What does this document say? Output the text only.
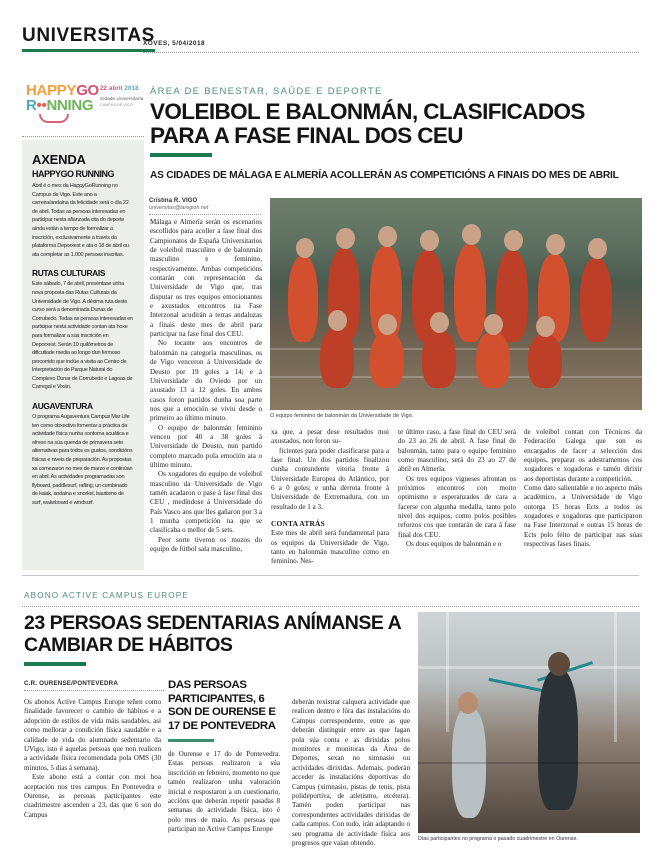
UNIVERSITAS
XOVES, 5/04/2018
HAPPYGO
R••NNING
22 abril 2018
Cidade Universitaria
CAMPUS DE VIGO
AXENDA
HAPPYGO RUNNING
Abril é o mes da HappyGoRunning no Campus de Vigo. Este ano a carreira/andaina da felicidade será o día 22 de abril. Todas as persoas interesadas en participar nesta afianzada cita do deporte aínda están a tempo de formalizar a inscrición, exclusivamente a través da plataforma Deporxest e ata o 18 de abril ou ata completar as 1.000 persoas inscritas.
RUTAS CULTURAIS
Este sábado, 7 de abril, preséntase unha nova proposta das Rutas Culturais da Universidade de Vigo. A décima ruta deste curso será a denominada Dunas de Corrubedo. Todas as persoas interesadas en participar nesta actividade contan ata hoxe para formalizar a súa inscrición en Deporxest. Serán 10 quilómetros de dificultade media ao longo dun fermoso percorrido que inclúe a visita ao Centro de Interpretación do Parque Natural do Complexo Dunar de Corrubedo e Lagoas de Carregal e Vixán.
AUGAVENTURA
O programa Augaventura Campus Mar Life ten como obxectivo fomentar a práctica da actividade física nunha contorna acuática e ofrece na súa quenda de primavera sete alternativas para todos os gustos, condicións físicas e niveis de preparación. As propostas xa comezaron no mes de marzo e continúan en abril. As actividades programadas son flyboard, paddlesurf, rafting, un combinado de kaiak, andaina e snorkel, bautismo de surf, wakeboard e windsurf.
ÁREA DE BENESTAR, SAÚDE E DEPORTE
VOLEIBOL E BALONMÁN, CLASIFICADOS PARA A FASE FINAL DOS CEU
AS CIDADES DE MÁLAGA E ALMERÍA ACOLLERÁN AS COMPETICIÓNS A FINAIS DO MES DE ABRIL
Cristina R. VIGO
universitas@laregion.net
O equipo feminino de balonmán da Universidade de Vigo.

Málaga e Almería serán os escenarios escollidos para acoller a fase final dos Campionatos de España Universitarios de voleibol masculino e de balonmán masculino e feminino, respectivamente. Ambas competicións contarán con representación da Universidade de Vigo que, tras disputar os tres equipos emocionantes e axustados encontros na Fase Interzonal acudirán a terras andaluzas a finais deste mes de abril para participar na fase final dos CEU.

No tocante aos encontros de balonmán na categoría masculinas, os de Vigo venceron á Universidade de Deusto por 19 goles a 14; e á Universidade do Oviedo por un axustado 13 a 12 goles. En ambos casos foron partidos dunha soa parte nos que a emoción se viviu desde o primeiro ao último minuto.

O equipo de balonmán feminino venceu por 40 a 38 goles á Universidade de Deusto, nun partido completo marcado pola emoción ata o último minuto.

Os xogadores do equipo de voleibol masculino da Universidade de Vigo tamén acadaron o pase á fase final dos CEU , medíndose á Universidade do País Vasco aos que lles gañaron por 3 a 1 munha competición na que se clasificaba o mellor de 5 sets.

Peor sorte tiveron os mozos do equipo de fútbol sala masculino,

xa que, a pesar dese resultados moi axustados, non foron su-

ficientes para poder clasificarse para a fase final. Un dos partidos finalizou cunha contundente vitoria fronte á Universidade Europea do Atlántico, por 6 a 0 goles; e unha derrota fronte á Universidade de Extremadura, con un resultado de 1 a 3.

CONTA ATRÁS

Este mes de abril será fundamental para os equipos da Universidade de Vigo, tanto en balonmán masculino como en feminino. Nes-

te último caso, a fase final do CEU será do 23 ao 26 de abril. A fase final de balonmán, tanto para o equipo feminino como masculino, será do 23 ao 27 de abril en Almería.

Os tres equipos vigueses afrontan os próximos encontros con moito optimismo e esperanzados de cara a facerse con algunha medalla, tanto polo nivel dos equipos, como polos posibles reforzos cos que contarán de cara á fase final dos CEU.

Os dous equipos de balonmán e o

de voleibol contan con Técnicos da Federación Galega que son os encargados de facer a selección dos equipos, preparar os adestramentos cos xogadores e xogadoras e tamén dirixir aos deportistas durante a competición.

Como dato salientable e no aspecto máis académico, a Universidade de Vigo outorga 15 horas Ects a todos os xogadores e xogadoras que participaron na Fase Interzonal e outras 15 horas de Ects polo feito de participar nas súas respectivas fases finais.

ABONO ACTIVE CAMPUS EUROPE
23 PERSOAS SEDENTARIAS ANÍMANSE A CAMBIAR DE HÁBITOS
C.R. OURENSE/PONTEVEDRA

Os abonos Active Campus Europe teñen como finalidade favorecer o cambio de hábitos e a adopción de estilos de vida máis saudables, así como mellorar a condición física saudable e a calidade de vida do alumnado sedentario da UVigo, isto é aquelas persoas que non realicen a actividade física recomendada pola OMS (30 minutos, 5 días á semana).

Este abono está a contar con moi boa aceptación nos tres campus. En Pontevedra e Ourense, as persoas participantes este cuadrimestre ascenden a 23, das que 6 son do Campus

DAS PERSOAS PARTICIPANTES, 6 SON DE OURENSE E 17 DE PONTEVEDRA

de Ourense e 17 do de Pontevedra. Estas persoas realizaron a súa inscrición en febreiro, momento no que tamén realizaron unha valoración inicial e respostaron a un cuestionario, accións que deberán repetir pasadas 8 semanas de actividade física, isto é polo mes de maio. As persoas que participan no Active Campus Europe

deberán rexistrar calquera actividade que realicen dentro e fóra das instalacións do Campus correspondente, entre as que deberán distinguir entre as que fagan pola súa conta e as dirixidas polos monitores e monitoras da Área de Deportes, sexan no ximnasio ou actividades dirixidas. Ademais, poderán acceder ás instalacións deportivas do Campus (ximnasio, pistas de tenis, pista polideportiva, de atletismo, etcétera). Tamén poden participar nas correspondentes actividades dirixidas de cada campus. Con todo, irán adaptando o seu programa de actividade física aos progresos que vaian obtendo.

Días participantes no programa o pasado cuadrimestre en Ourense.
